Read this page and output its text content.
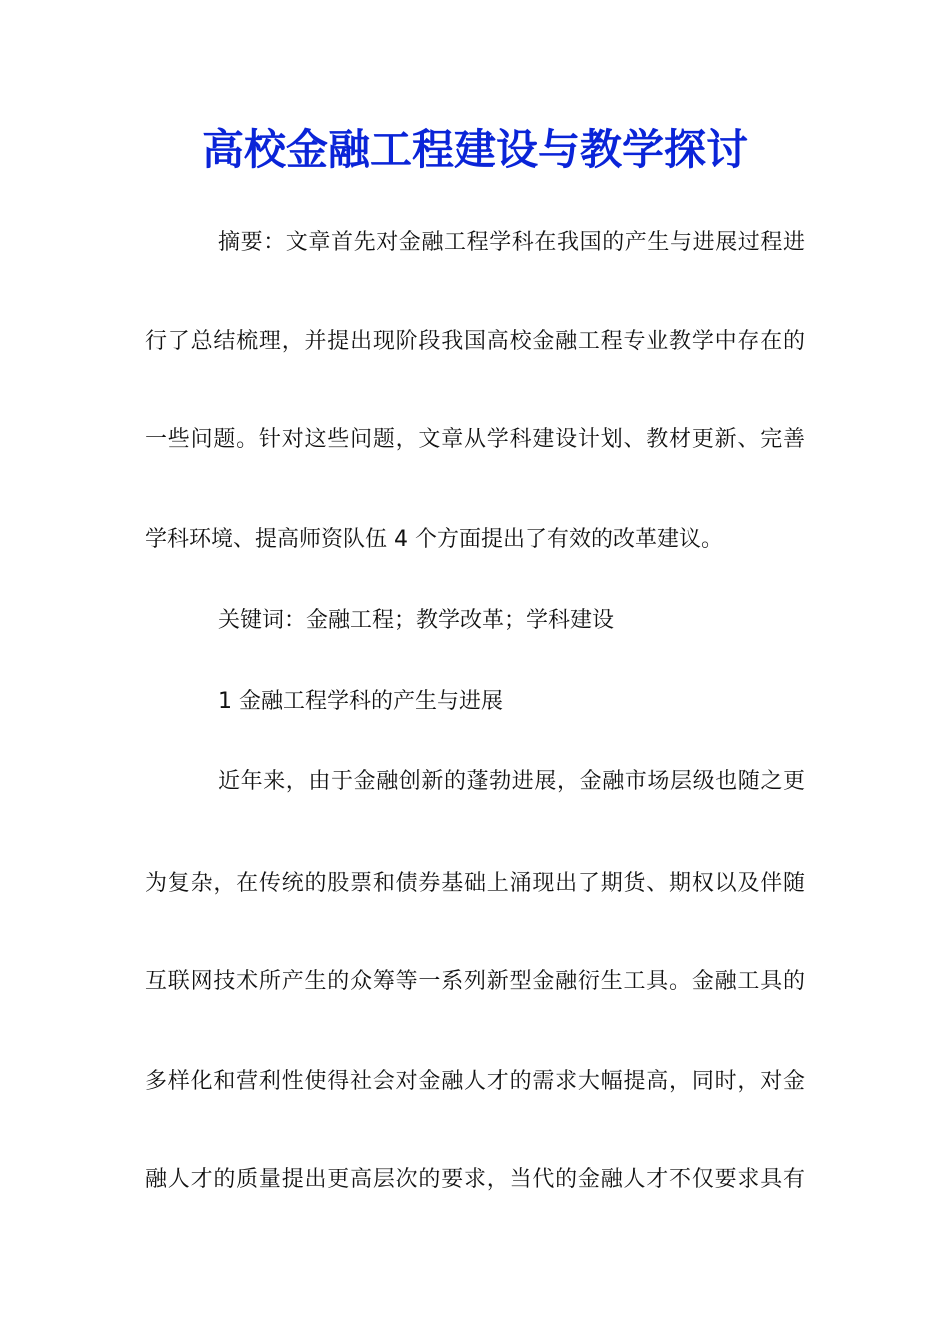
高校金融工程建设与教学探讨

摘要：文章首先对金融工程学科在我国的产生与进展过程进

行了总结梳理，并提出现阶段我国高校金融工程专业教学中存在的

一些问题。针对这些问题，文章从学科建设计划、教材更新、完善

学科环境、提高师资队伍 4 个方面提出了有效的改革建议。

关键词：金融工程；教学改革；学科建设

1 金融工程学科的产生与进展

近年来，由于金融创新的蓬勃进展，金融市场层级也随之更

为复杂，在传统的股票和债券基础上涌现出了期货、期权以及伴随

互联网技术所产生的众筹等一系列新型金融衍生工具。金融工具的

多样化和营利性使得社会对金融人才的需求大幅提高，同时，对金

融人才的质量提出更高层次的要求，当代的金融人才不仅要求具有
